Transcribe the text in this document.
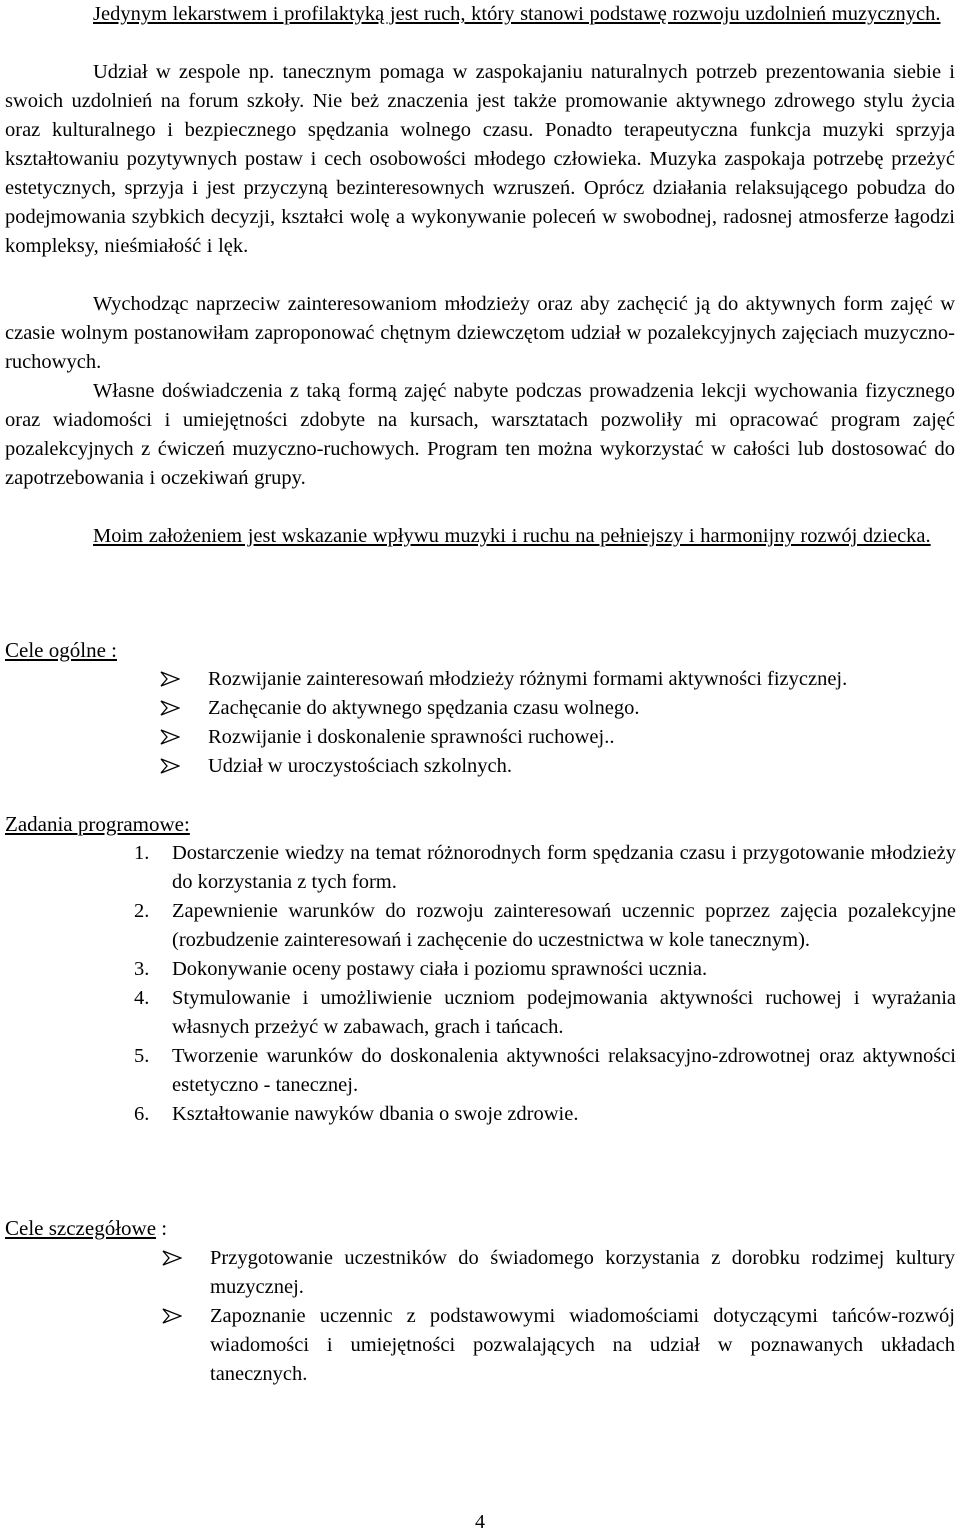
Jedynym lekarstwem i profilaktyką jest ruch, który stanowi podstawę rozwoju uzdolnień muzycznych.

Udział w zespole np. tanecznym pomaga w zaspokajaniu naturalnych potrzeb prezentowania siebie i swoich uzdolnień na forum szkoły. Nie beż znaczenia jest także promowanie aktywnego zdrowego stylu życia oraz kulturalnego i bezpiecznego spędzania wolnego czasu. Ponadto terapeutyczna funkcja muzyki sprzyja kształtowaniu pozytywnych postaw i cech osobowości młodego człowieka. Muzyka zaspokaja potrzebę przeżyć estetycznych, sprzyja i jest przyczyną bezinteresownych wzruszeń. Oprócz działania relaksującego pobudza do podejmowania szybkich decyzji, kształci wolę a wykonywanie poleceń w swobodnej, radosnej atmosferze łagodzi kompleksy, nieśmiałość i lęk.

Wychodząc naprzeciw zainteresowaniom młodzieży oraz aby zachęcić ją do aktywnych form zajęć w czasie wolnym postanowiłam zaproponować chętnym dziewczętom udział w pozalekcyjnych zajęciach muzyczno-ruchowych.

Własne doświadczenia z taką formą zajęć nabyte podczas prowadzenia lekcji wychowania fizycznego oraz wiadomości i umiejętności zdobyte na kursach, warsztatach pozwoliły mi opracować program zajęć pozalekcyjnych z ćwiczeń muzyczno-ruchowych. Program ten można wykorzystać w całości lub dostosować do zapotrzebowania i oczekiwań grupy.

Moim założeniem jest wskazanie wpływu muzyki i ruchu na pełniejszy i harmonijny rozwój dziecka.

Cele ogólne :
Rozwijanie zainteresowań młodzieży różnymi formami aktywności fizycznej.
Zachęcanie do aktywnego spędzania czasu wolnego.
Rozwijanie i doskonalenie sprawności ruchowej..
Udział w uroczystościach szkolnych.
Zadania programowe:
1. Dostarczenie wiedzy na temat różnorodnych form spędzania czasu i przygotowanie młodzieży do korzystania z tych form.
2. Zapewnienie warunków do rozwoju zainteresowań uczennic poprzez zajęcia pozalekcyjne (rozbudzenie zainteresowań i zachęcenie do uczestnictwa w kole tanecznym).
3. Dokonywanie oceny postawy ciała i poziomu sprawności ucznia.
4. Stymulowanie i umożliwienie uczniom podejmowania aktywności ruchowej i wyrażania własnych przeżyć w zabawach, grach i tańcach.
5. Tworzenie warunków do doskonalenia aktywności relaksacyjno-zdrowotnej oraz aktywności estetyczno - tanecznej.
6. Kształtowanie nawyków dbania o swoje zdrowie.
Cele szczegółowe :
Przygotowanie uczestników do świadomego korzystania z dorobku rodzimej kultury muzycznej.
Zapoznanie uczennic z podstawowymi wiadomościami dotyczącymi tańców-rozwój wiadomości i umiejętności pozwalających na udział w poznawanych układach tanecznych.
4
